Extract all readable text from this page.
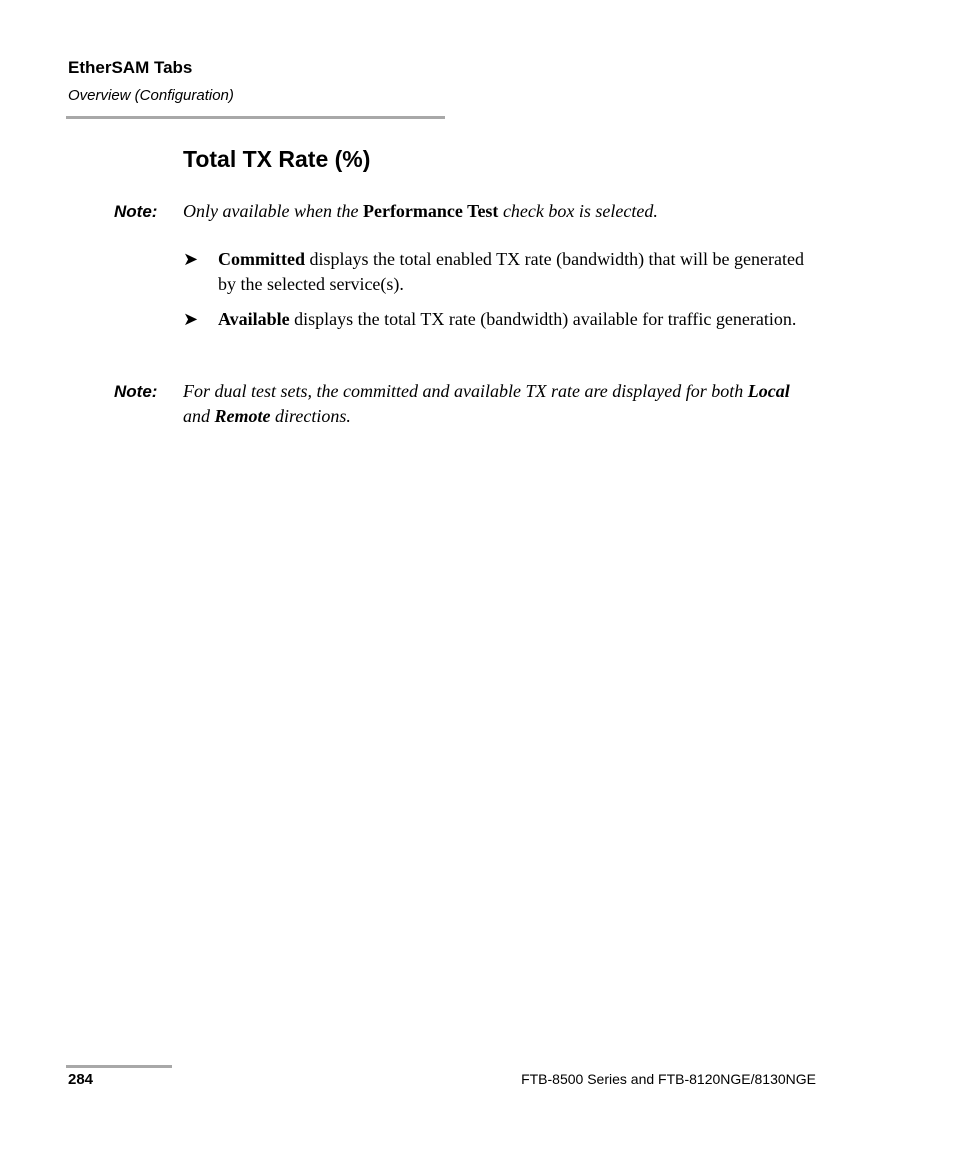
EtherSAM Tabs
Overview (Configuration)
Total TX Rate (%)
Note: Only available when the Performance Test check box is selected.
➤ Committed displays the total enabled TX rate (bandwidth) that will be generated by the selected service(s).
➤ Available displays the total TX rate (bandwidth) available for traffic generation.
Note: For dual test sets, the committed and available TX rate are displayed for both Local and Remote directions.
284	FTB-8500 Series and FTB-8120NGE/8130NGE
